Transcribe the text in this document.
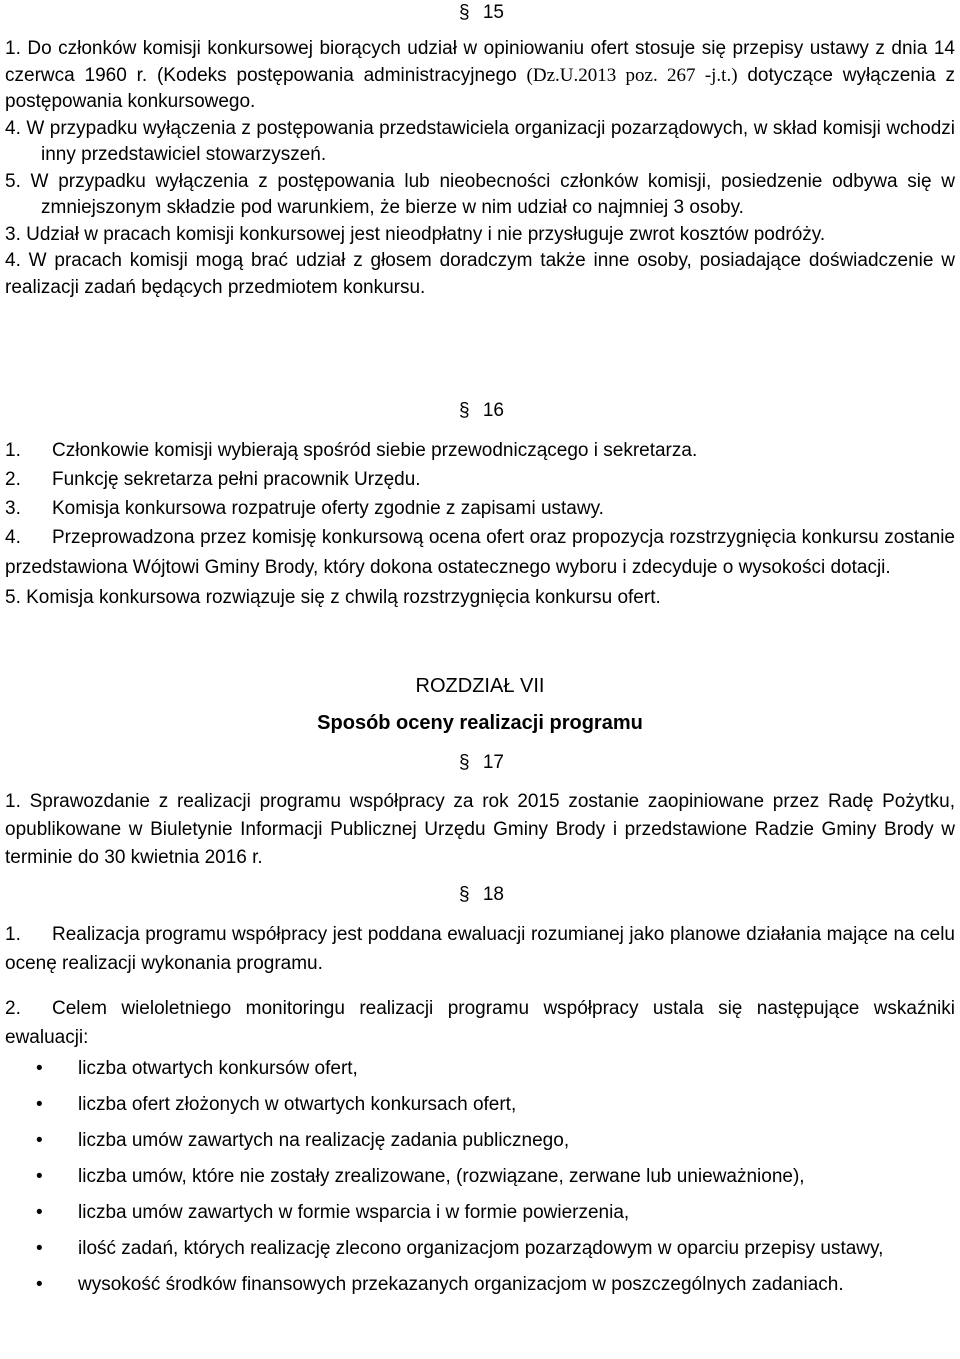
§ 15

1. Do członków komisji konkursowej biorących udział w opiniowaniu ofert stosuje się przepisy ustawy z dnia 14 czerwca 1960 r. (Kodeks postępowania administracyjnego (Dz.U.2013 poz. 267 -j.t.) dotyczące wyłączenia z postępowania konkursowego.

4. W przypadku wyłączenia z postępowania przedstawiciela organizacji pozarządowych, w skład komisji wchodzi inny przedstawiciel stowarzyszeń.

5. W przypadku wyłączenia z postępowania lub nieobecności członków komisji, posiedzenie odbywa się w zmniejszonym składzie pod warunkiem, że bierze w nim udział co najmniej 3 osoby.

3. Udział w pracach komisji konkursowej jest nieodpłatny i nie przysługuje zwrot kosztów podróży.

4. W pracach komisji mogą brać udział z głosem doradczym także inne osoby, posiadające doświadczenie w realizacji zadań będących przedmiotem konkursu.

§ 16

1. Członkowie komisji wybierają spośród siebie przewodniczącego i sekretarza.

2. Funkcję sekretarza pełni pracownik Urzędu.

3. Komisja konkursowa rozpatruje oferty zgodnie z zapisami ustawy.

4. Przeprowadzona przez komisję konkursową ocena ofert oraz propozycja rozstrzygnięcia konkursu zostanie przedstawiona Wójtowi Gminy Brody, który dokona ostatecznego wyboru i zdecyduje o wysokości dotacji.

5. Komisja konkursowa rozwiązuje się z chwilą rozstrzygnięcia konkursu ofert.

ROZDZIAŁ VII
Sposób oceny realizacji programu
§ 17

1. Sprawozdanie z realizacji programu współpracy za rok 2015 zostanie zaopiniowane przez Radę Pożytku, opublikowane w Biuletynie Informacji Publicznej Urzędu Gminy Brody i przedstawione Radzie Gminy Brody w terminie do 30 kwietnia 2016 r.

§ 18

1. Realizacja programu współpracy jest poddana ewaluacji rozumianej jako planowe działania mające na celu ocenę realizacji wykonania programu.

2. Celem wieloletniego monitoringu realizacji programu współpracy ustala się następujące wskaźniki ewaluacji:

• liczba otwartych konkursów ofert,
• liczba ofert złożonych w otwartych konkursach ofert,
• liczba umów zawartych na realizację zadania publicznego,
• liczba umów, które nie zostały zrealizowane, (rozwiązane, zerwane lub unieważnione),
• liczba umów zawartych w formie wsparcia i w formie powierzenia,
• ilość zadań, których realizację zlecono organizacjom pozarządowym w oparciu przepisy ustawy,
• wysokość środków finansowych przekazanych organizacjom w poszczególnych zadaniach.
